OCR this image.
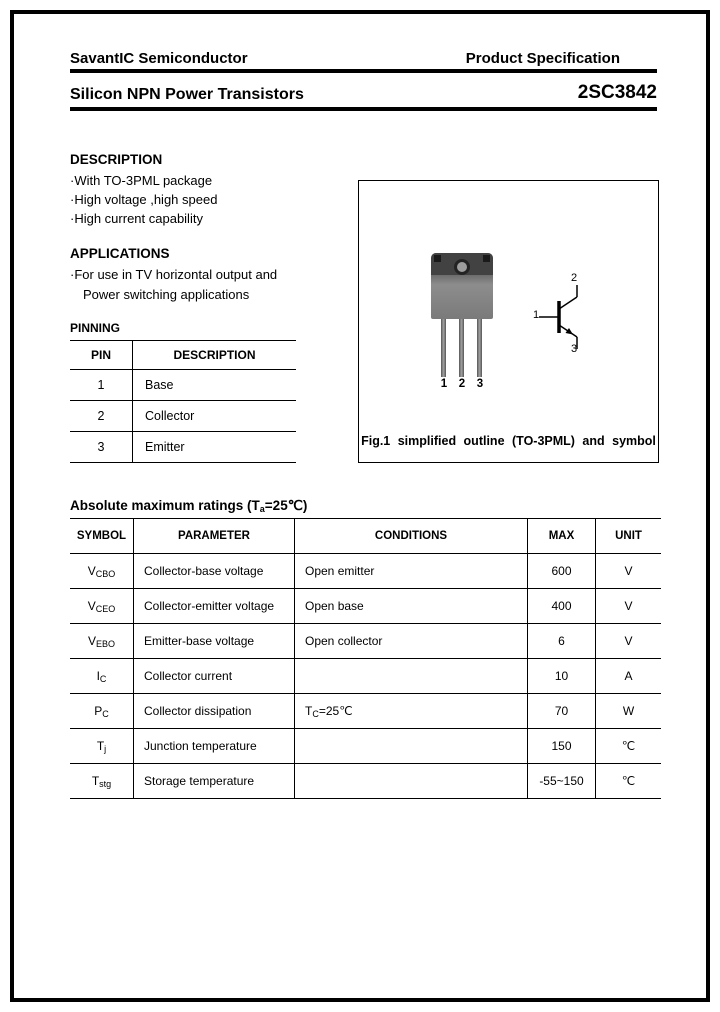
SavantIC Semiconductor	Product Specification
Silicon NPN Power Transistors	2SC3842
DESCRIPTION
·With TO-3PML package
·High voltage ,high speed
·High current capability
APPLICATIONS
·For use in TV horizontal output and
Power switching applications
PINNING
PIN	DESCRIPTION
1	Base
2	Collector
3	Emitter
1 2 3
2
1
3
Fig.1 simplified outline (TO-3PML) and symbol
Absolute maximum ratings $(T_a=25℃)$
SYMBOL	PARAMETER	CONDITIONS	MAX	UNIT
$V_{CBO}$	Collector-base voltage	Open emitter	600	V
$V_{CEO}$	Collector-emitter voltage	Open base	400	V
$V_{EBO}$	Emitter-base voltage	Open collector	6	V
$I_C$	Collector current		10	A
$P_C$	Collector dissipation	$T_C=25℃$	70	W
$T_j$	Junction temperature		150	℃
$T_{stg}$	Storage temperature		-55~150	℃
